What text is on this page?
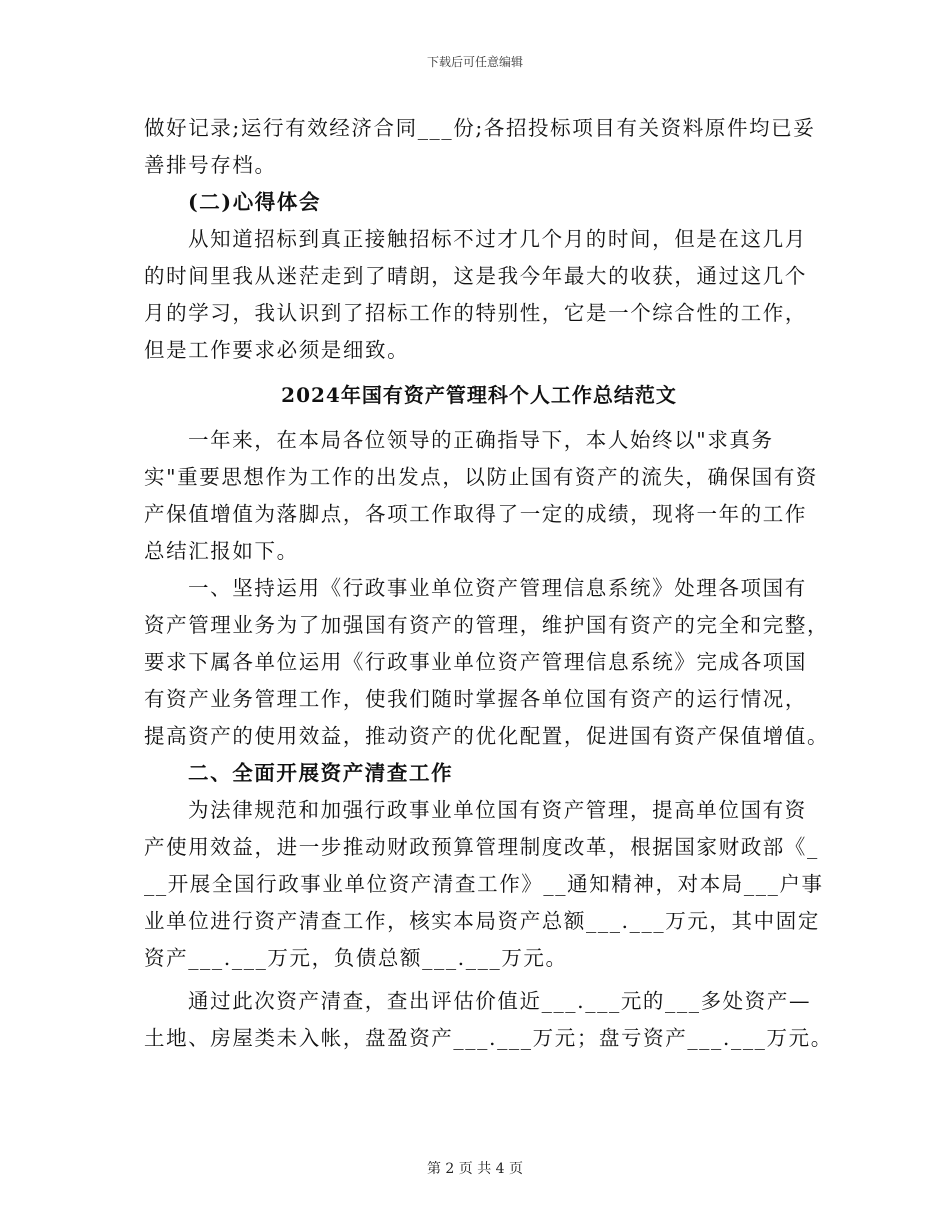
下载后可任意编辑
做好记录;运行有效经济合同___份;各招投标项目有关资料原件均已妥
善排号存档。
(二)心得体会
从知道招标到真正接触招标不过才几个月的时间，但是在这几月
的时间里我从迷茫走到了晴朗，这是我今年最大的收获，通过这几个
月的学习，我认识到了招标工作的特别性，它是一个综合性的工作，
但是工作要求必须是细致。
2024年国有资产管理科个人工作总结范文
一年来，在本局各位领导的正确指导下，本人始终以"求真务
实"重要思想作为工作的出发点，以防止国有资产的流失，确保国有资
产保值增值为落脚点，各项工作取得了一定的成绩，现将一年的工作
总结汇报如下。
一、坚持运用《行政事业单位资产管理信息系统》处理各项国有
资产管理业务为了加强国有资产的管理，维护国有资产的完全和完整，
要求下属各单位运用《行政事业单位资产管理信息系统》完成各项国
有资产业务管理工作，使我们随时掌握各单位国有资产的运行情况，
提高资产的使用效益，推动资产的优化配置，促进国有资产保值增值。
二、全面开展资产清查工作
为法律规范和加强行政事业单位国有资产管理，提高单位国有资
产使用效益，进一步推动财政预算管理制度改革，根据国家财政部《_
__开展全国行政事业单位资产清查工作》__通知精神，对本局___户事
业单位进行资产清查工作，核实本局资产总额___.___万元，其中固定
资产___.___万元，负债总额___.___万元。
通过此次资产清查，查出评估价值近___.___元的___多处资产—
土地、房屋类未入帐，盘盈资产___.___万元；盘亏资产___.___万元。
第 2 页 共 4 页
